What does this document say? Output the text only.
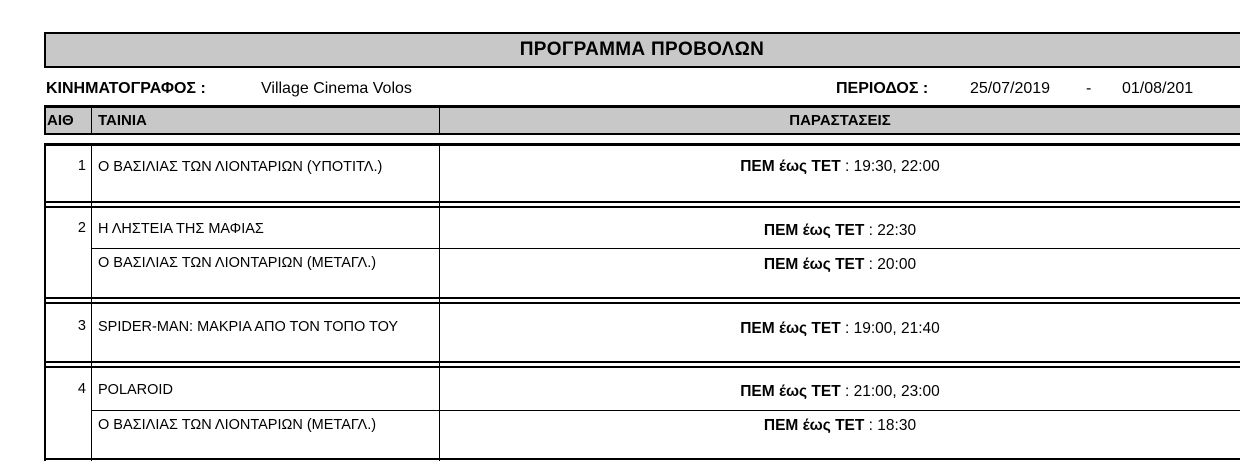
ΠΡΟΓΡΑΜΜΑ ΠΡΟΒΟΛΩΝ
ΚΙΝΗΜΑΤΟΓΡΑΦΟΣ :	Village Cinema Volos	ΠΕΡΙΟΔΟΣ :	25/07/2019 - 01/08/201
ΑΙΘ ΤΑΙΝΙΑ	ΠΑΡΑΣΤΑΣΕΙΣ
1 Ο ΒΑΣΙΛΙΑΣ ΤΩΝ ΛΙΟΝΤΑΡΙΩΝ (ΥΠΟΤΙΤΛ.)	ΠΕΜ έως ΤΕΤ : 19:30, 22:00
2 Η ΛΗΣΤΕΙΑ ΤΗΣ ΜΑΦΙΑΣ	ΠΕΜ έως ΤΕΤ : 22:30
Ο ΒΑΣΙΛΙΑΣ ΤΩΝ ΛΙΟΝΤΑΡΙΩΝ (ΜΕΤΑΓΛ.)	ΠΕΜ έως ΤΕΤ : 20:00
3 SPIDER-MAN: ΜΑΚΡΙΑ ΑΠΟ ΤΟΝ ΤΟΠΟ ΤΟΥ	ΠΕΜ έως ΤΕΤ : 19:00, 21:40
4 POLAROID	ΠΕΜ έως ΤΕΤ : 21:00, 23:00
Ο ΒΑΣΙΛΙΑΣ ΤΩΝ ΛΙΟΝΤΑΡΙΩΝ (ΜΕΤΑΓΛ.)	ΠΕΜ έως ΤΕΤ : 18:30
